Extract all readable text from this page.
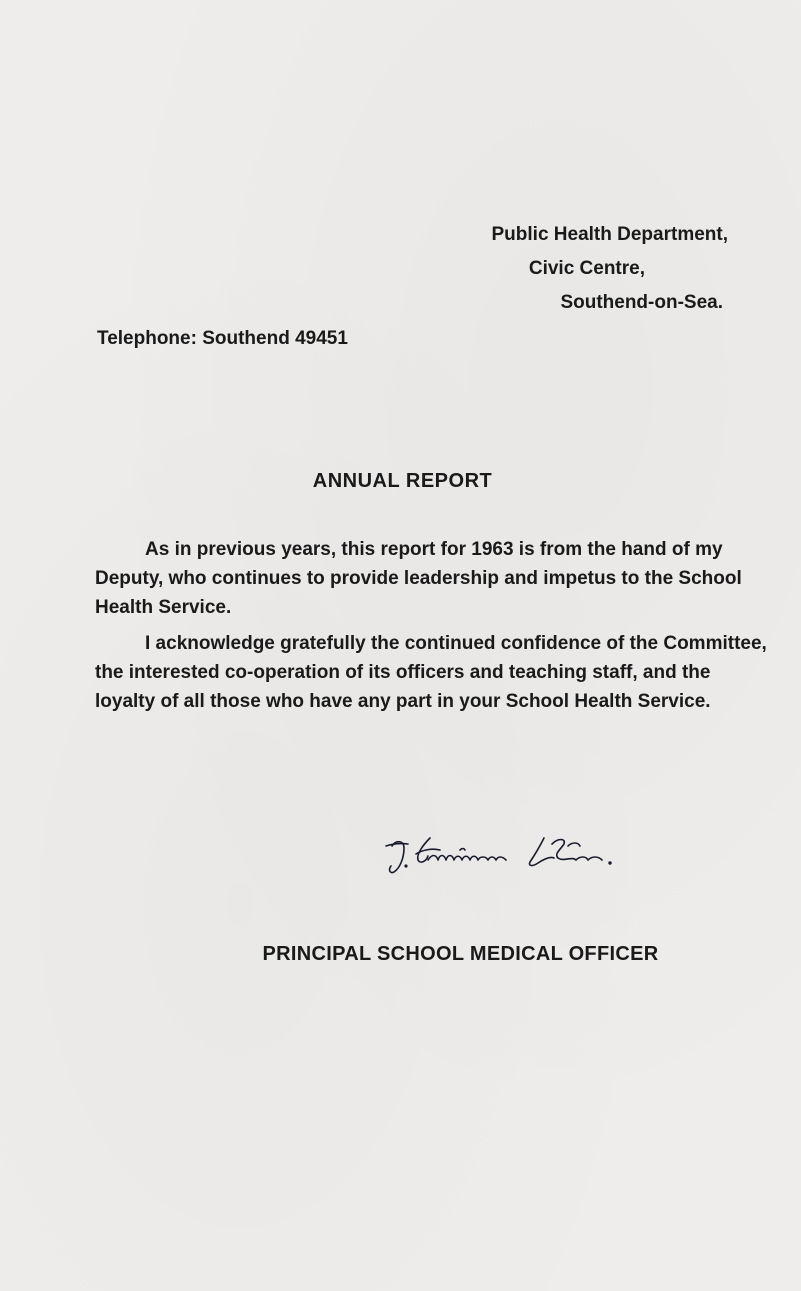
Public Health Department,
Civic Centre,
Southend-on-Sea.
Telephone: Southend 49451
ANNUAL REPORT

As in previous years, this report for 1963 is from the hand of my Deputy, who continues to provide leadership and impetus to the School Health Service.

I acknowledge gratefully the continued confidence of the Committee, the interested co-operation of its officers and teaching staff, and the loyalty of all those who have any part in your School Health Service.

PRINCIPAL SCHOOL MEDICAL OFFICER
